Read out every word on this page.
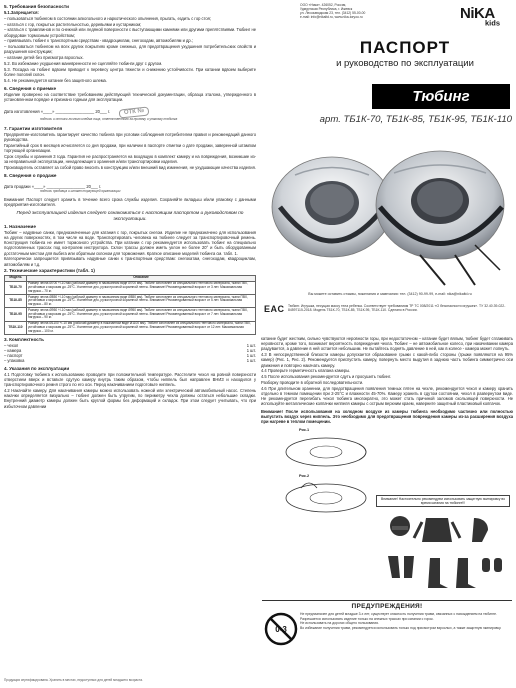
5. Требования безопасности
5.1.Запрещается:
– пользоваться тюбингом в состоянии алкогольного и наркотического опьянения, прыгать, ездить с гор стоя;
– кататься с гор, покрытых растительностью, деревьями и кустарником;
– кататься с трамплинов и по снежной или ледяной поверхности с выступающими камнями или другими препятствиями. Тюбинг не оборудован тормозным устройством;
– привязывать тюбинг к транспортным средствам - квадроциклам, снегоходам, автомобилям и др.;
– пользоваться тюбингом на всех других покрытиях кроме снежных, для предотвращения ухудшения потребительских свойств и разрушения конструкции;
– катание детей без присмотра взрослых.
5.2. Во избежание ухудшения маневренности не сцепляйте тюбинги друг с другом.
5.3. Посадка на тюбинг вдвоем приводит к перевесу центра тяжести и снижению устойчивости. При катании вдвоем выберите более пологий склон.
5.4. Не рекомендуется катание без защитного шлема.
6. Сведения о приемке
Изделие проверено на соответствие требованиям действующей технической документации, образца эталона, утвержденного в установленном порядке и признано годным для эксплуатации.
Дата изготовления «____» _________________ 20___ г. ОТК №
подпись и оттиск личного клейма лица, ответственного за приемку и упаковку тюбинга
7. Гарантии изготовителя
Предприятие-изготовитель гарантирует качество тюбинга при условии соблюдения потребителем правил и рекомендаций данного руководства.
Гарантийный срок 6 месяцев исчисляется со дня продажи, при наличии в паспорте отметки о дате продажи, заверенной штампом торгующей организации.
Срок службы и хранения 3 года. Гарантия не распространяется на входящую в комплект камеру и на повреждения, возникшие из-за неправильной эксплуатации, ненадлежащего хранения и/или транспортировки изделия.
Производитель оставляет за собой право вносить в конструкцию и/или внешний вид изменения, не ухудшающие качества изделия.
8. Сведения о продаже
Дата продажи «____» _________________ 20___ г.
подпись продавца и штамп торгующей организации
Внимание! Паспорт следует хранить в течение всего срока службы изделия. Сохраняйте вкладыш и/или упаковку с данными предприятия-изготовителя.
Перед эксплуатацией изделия следует ознакомиться с настоящим паспортом и руководством по эксплуатации.
1. Назначение
Тюбинг – надувные санки, предназначенные для катания с гор, покрытых снегом. Изделие не предназначено для использования на других поверхностях, в том числе на воде. Транспортировать человека на тюбинге следует за транспортировочный ремень. Конструкция тюбинга не имеет тормозного устройства. При катании с гор рекомендуется использовать тюбинг на специально подготовленных трассах под контролем инструктора. Склон трассы должен иметь уклон не более 20° и быть оборудованным достаточным местом для выбега или обратным склоном для торможения. Краткое описание моделей тюбинга см. табл. 1.
Категорически запрещается привязывать надувные санки к транспортным средствам: снегокатам, снегоходам, квадроциклам, автомобилям и т.д.
2. Технические характеристики (табл. 1)
Модель	Описание
ТБ1К-70	Размер чехла Ø700 +/-10 мм (рабочий диаметр в накачанном виде Ø700 мм). Тюбинг изготовлен из специального тентового материала, ткани ПВХ, устойчивых к морозам до -25°С. Усиленное дно, ручки прочной корзинной ленты. Внимание! Рекомендованный возраст от 3 лет. Максимальная нагрузка – 70 кг.
ТБ1К-85	Размер чехла Ø850 +/-10 мм (рабочий диаметр в накачанном виде Ø850 мм). Тюбинг изготовлен из специального тентового материала, ткани ПВХ, устойчивых к морозам до -25°С. Усиленное дно, ручки прочной корзинной ленты. Внимание! Рекомендованный возраст от 5 лет. Максимальная нагрузка – 80 кг.
ТБ1К-95	Размер чехла Ø950 +/-10 мм (рабочий диаметр в накачанном виде Ø950 мм). Тюбинг изготовлен из специального тентового материала, ткани ПВХ, устойчивых к морозам до -25°С. Усиленное дно, ручки прочной корзинной ленты. Внимание! Рекомендованный возраст от 7 лет. Максимальная нагрузка – 90 кг.
ТБ1К-110	Размер чехла Ø1100 +/-10 мм (рабочий диаметр в накачанном виде Ø1100 мм). Тюбинг изготовлен из специального тентового материала, ткани ПВХ, устойчивых к морозам до -25°С. Усиленное дно, ручки прочной корзинной ленты. Внимание! Рекомендованный возраст от 12 лет. Максимальная нагрузка – 100 кг.
3. Комплектность
– чехол	1 шт.
– камера	1 шт.
– паспорт	1 шт.
– упаковка	1 шт.
4. Указания по эксплуатации
4.1 Подготовку тюбинга к использованию проводите при положительной температуре. Расстелите чехол на ровной поверхности отверстием вверх и вставьте сдутую камеру внутрь таким образом, чтобы ниппель был направлен ВНИЗ и находился у транспортировочного ремня строго по его оси. Перед накачиванием подготовьте ниппель.
4.2 Накачайте камеру. Для накачивания камеры можно использовать ножной или электрический автомобильный насос. Степень накачки определяется визуально – тюбинг должен быть упругим, по периметру чехла должны остаться небольшие складки. Внутренний диаметр камеры должен быть круглой формы без деформаций и складок. При этом следует учитывать, что при избыточном давлении
ООО «Ника». 426052, Россия,
Удмуртская Республика, г. Ижевск
ул. Лесозаводская 23, тел. (3412) 55-00-00
e-mail: info@nikaltd.ru, www.nika-toryou.ru	NiKA
kids
ПАСПОРТ
и руководство по эксплуатации
Тюбинг
арт. ТБ1К-70, ТБ1К-85, ТБ1К-95, ТБ1К-110
Вы можете оставить отзывы, пожелания и замечания: тел. (3412) 90-99-99, e-mail: nika@nikaltd.ru
EAC Тюбинг. Игрушка, несущая массу тела ребенка. Соответствует требованиям ТР ТС 008/2011 «О безопасности игрушек». ТУ 32.40.39-022-84597115-2018. Модель ТБ1К-70, ТБ1К-85, ТБ1К-95, ТБ1К-110. Сделано в России.
катание будет жестким, сильно чувствуются неровности горы, при недостаточном – катание будет вялым, тюбинг будет сглаживать неровности, кроме того, возникает вероятность повреждения чехла. Тюбинг – не автомобильное колесо, при накачивании камера раздувается, а давление в ней остается небольшим. Не пытайтесь поднять давление в ней, как в колесе - камера может лопнуть.
4.3 В непосредственной близости камеры допускается образование грыжи с какой-либо стороны (грыжи появляются на 95% камер) (Рис. 1, Рис. 2). Рекомендуется приспустить камеру, повернуть место выдутия в заднюю часть тюбинга симметрично оси движения и повторно накачать камеру.
4.4 Проверьте герметичность клапана камеры.
4.5 После использования рекомендуется сдуть и просушить тюбинг.
Разборку проводите в обратной последовательности.
4.6 При длительном хранении, для предотвращения появления темных пятен на чехле, рекомендуется чехол и камеру хранить отдельно в темном помещении при 2-25°С и влажности 45-70%. Камеру хранить в сдутом состоянии, чехол в развернутом виде. Не рекомендуется перегибать чехол тюбинга многократно, это может стать причиной заломов скользящей поверхности. Не используйте металлические колпачки ниппеля камеры с острым верхним краем, наверните защитный пластиковый колпачок.
Внимание! После использования на холодном воздухе из камеры тюбинга необходимо частично или полностью выпустить воздух через ниппель. Это необходимо для предотвращения повреждения камеры из-за расширения воздуха при нагреве в теплом помещении.
Рис.1
Рис.2
Внимание! Настоятельно рекомендуем использовать защитную экипировку во время катания на тюбинге!!!
ПРЕДУПРЕЖДЕНИЯ!
0-3
Не предназначен для детей младше 3-х лет, существует опасность получения травм, связанных с нахождением на тюбинге.
Разрешается использовать изделие только на снежных трассах при катании с горок.
Не использовать на дорогах общего пользования.
Во избежание получения травм, рекомендуется использовать только под присмотром взрослых, а также защитную экипировку.
Продукция сертифицирована. Хранить в местах, недоступных для детей младшего возраста.
